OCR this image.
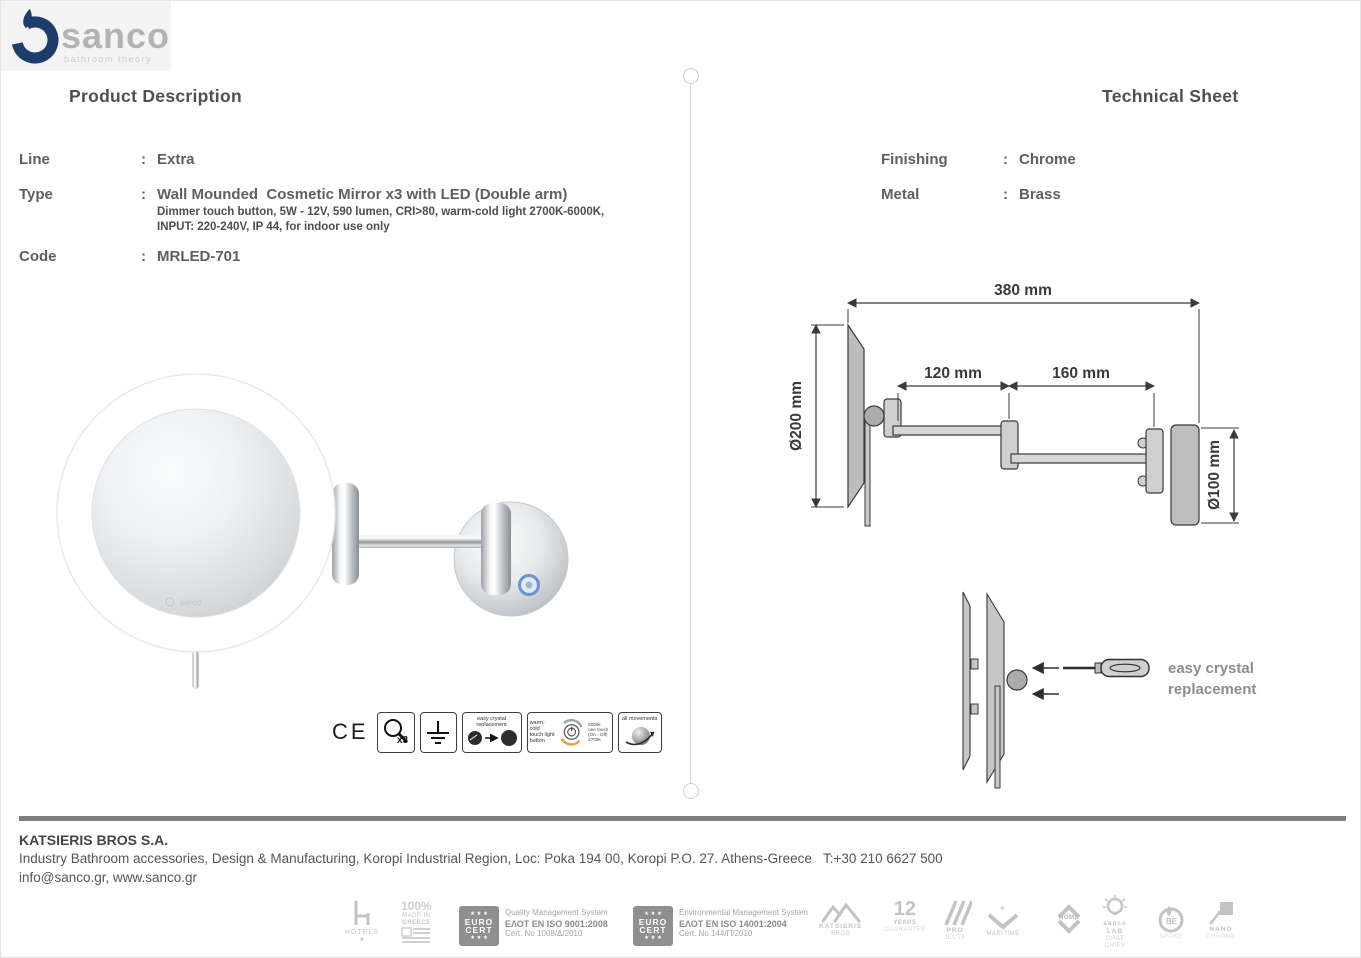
sanco
bathroom theory
Product Description	Technical Sheet
Line	: Extra
Type	: Wall Mounded  Cosmetic Mirror x3 with LED (Double arm)
Dimmer touch button, 5W - 12V, 590 lumen, CRI>80, warm-cold light 2700K-6000K,
INPUT: 220-240V, IP 44, for indoor use only
Code	: MRLED-701
Finishing	: Chrome
Metal	: Brass
sanco
CE	x3
easy crystal
replacement	warm-cold
touch light
button
6000k
one touch
(On - Off)
2700k
all movements
380 mm
Ø200 mm
120 mm	160 mm
Ø100 mm
easy crystal
replacement
KATSIERIS BROS S.A.
Industry Bathroom accessories, Design & Manufacturing, Koropi Industrial Region, Loc: Poka 194 00, Koropi P.O. 27. Athens-Greece   T:+30 210 6627 500
info@sanco.gr, www.sanco.gr
HOTELS
★
100%
MADE IN
GREECE
★ ★ ★
EURO
CERT
★ ★ ★
Quality Management System
ΕΛΟΤ EN ISO 9001:2008
Cert. No 1008/Δ/2010
★ ★ ★
EURO
CERT
★ ★ ★
Environmental Management System
ΕΛΟΤ EN ISO 14001:2004
Cert. No 144/Π/2010
KATSIERIS
BROS
12
YEARS
GUARANTEE	PRO
JECTS
★
MARITIME
HOME
sanco
LAB
ORATORIES
BE
SPOKE
NANO
CHROME
